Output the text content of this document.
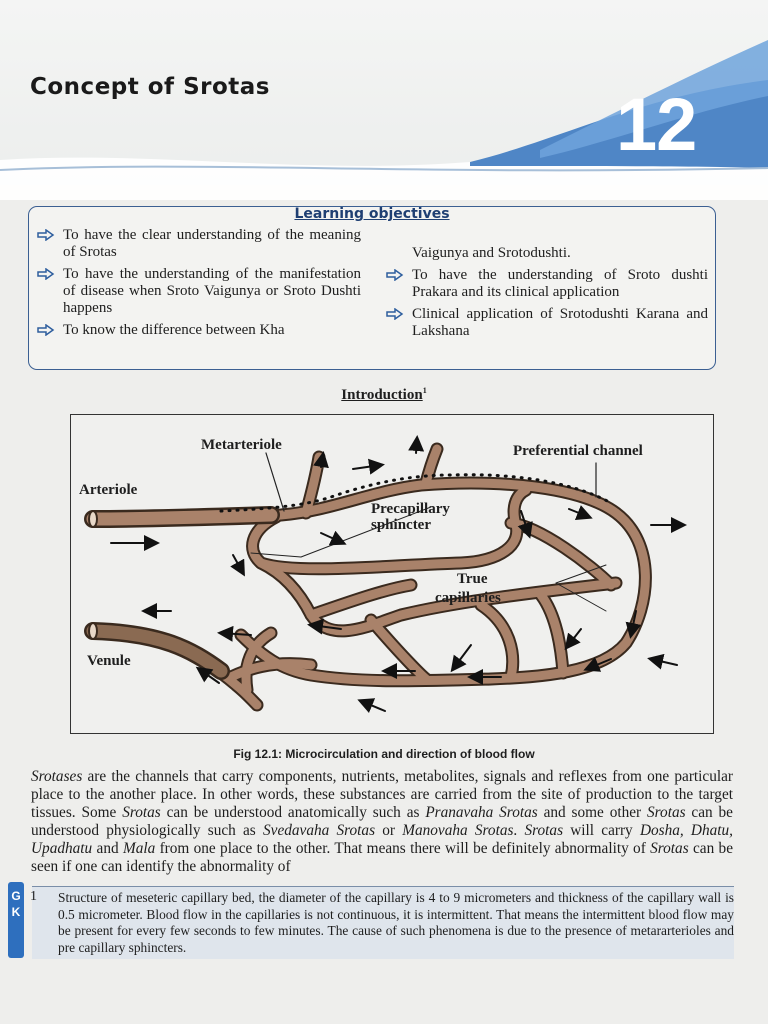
Concept of Srotas	12
Learning objectives
To have the clear understanding of the meaning of Srotas
To have the understanding of the manifestation of disease when Sroto Vaigunya or Sroto Dushti happens
To know the difference between Kha
Vaigunya and Srotodushti.
To have the understanding of Sroto dushti Prakara and its clinical application
Clinical application of Srotodushti Karana and Lakshana
Introduction$^1$
Metarteriole	Preferential channel
Arteriole
Precapillary
sphincter
True
capillaries
Venule
Fig 12.1: Microcirculation and direction of blood flow

Srotases are the channels that carry components, nutrients, metabolites, signals and reflexes from one particular place to the another place. In other words, these substances are carried from the site of production to the target tissues. Some Srotas can be understood anatomically such as Pranavaha Srotas and some other Srotas can be understood physiologically such as Svedavaha Srotas or Manovaha Srotas. Srotas will carry Dosha, Dhatu, Upadhatu and Mala from one place to the other. That means there will be definitely abnormality of Srotas can be seen if one can identify the abnormality of

G
K
1 Structure of meseteric capillary bed, the diameter of the capillary is 4 to 9 micrometers and thickness of the capillary wall is 0.5 micrometer. Blood flow in the capillaries is not continuous, it is intermittent. That means the intermittent blood flow may be present for every few seconds to few minutes. The cause of such phenomena is due to the presence of metararterioles and pre capillary sphincters.
